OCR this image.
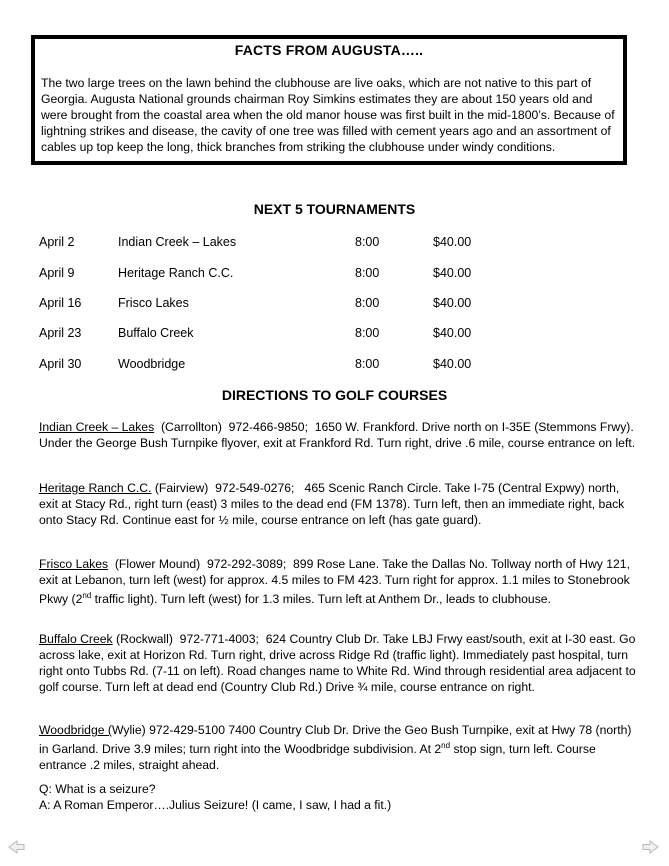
FACTS FROM AUGUSTA…..
The two large trees on the lawn behind the clubhouse are live oaks, which are not native to this part of Georgia. Augusta National grounds chairman Roy Simkins estimates they are about 150 years old and were brought from the coastal area when the old manor house was first built in the mid-1800’s. Because of lightning strikes and disease, the cavity of one tree was filled with cement years ago and an assortment of cables up top keep the long, thick branches from striking the clubhouse under windy conditions.
NEXT 5 TOURNAMENTS
April 2	Indian Creek – Lakes	8:00	$40.00
April 9	Heritage Ranch C.C.	8:00	$40.00
April 16	Frisco Lakes	8:00	$40.00
April 23	Buffalo Creek	8:00	$40.00
April 30	Woodbridge	8:00	$40.00
DIRECTIONS TO GOLF COURSES
Indian Creek – Lakes  (Carrollton)  972-466-9850;  1650 W. Frankford. Drive north on I-35E (Stemmons Frwy). Under the George Bush Turnpike flyover, exit at Frankford Rd. Turn right, drive .6 mile, course entrance on left.
Heritage Ranch C.C. (Fairview)  972-549-0276;   465 Scenic Ranch Circle. Take I-75 (Central Expwy) north, exit at Stacy Rd., right turn (east) 3 miles to the dead end (FM 1378). Turn left, then an immediate right, back onto Stacy Rd. Continue east for ½ mile, course entrance on left (has gate guard).
Frisco Lakes  (Flower Mound)  972-292-3089;  899 Rose Lane. Take the Dallas No. Tollway north of Hwy 121, exit at Lebanon, turn left (west) for approx. 4.5 miles to FM 423. Turn right for approx. 1.1 miles to Stonebrook Pkwy (2nd traffic light). Turn left (west) for 1.3 miles. Turn left at Anthem Dr., leads to clubhouse.
Buffalo Creek (Rockwall)  972-771-4003;  624 Country Club Dr. Take LBJ Frwy east/south, exit at I-30 east. Go across lake, exit at Horizon Rd. Turn right, drive across Ridge Rd (traffic light). Immediately past hospital, turn right onto Tubbs Rd. (7-11 on left). Road changes name to White Rd. Wind through residential area adjacent to golf course. Turn left at dead end (Country Club Rd.) Drive ¾ mile, course entrance on right.
Woodbridge (Wylie) 972-429-5100 7400 Country Club Dr. Drive the Geo Bush Turnpike, exit at Hwy 78 (north) in Garland. Drive 3.9 miles; turn right into the Woodbridge subdivision. At 2nd stop sign, turn left. Course entrance .2 miles, straight ahead.
Q: What is a seizure?
A: A Roman Emperor….Julius Seizure! (I came, I saw, I had a fit.)
